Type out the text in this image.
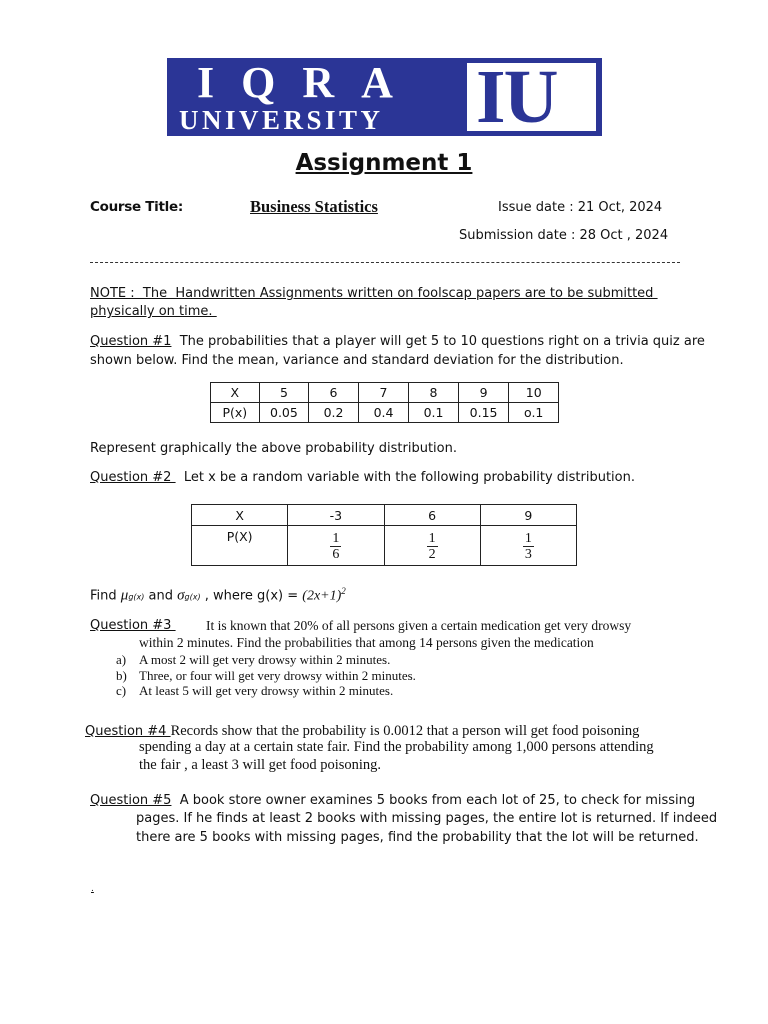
IQRA
UNIVERSITY IU
Assignment 1
Course Title:	Business Statistics	Issue date : 21 Oct, 2024
Submission date : 28 Oct , 2024
NOTE :  The  Handwritten Assignments written on foolscap papers are to be submitted
physically on time.
Question #1  The probabilities that a player will get 5 to 10 questions right on a trivia quiz are
shown below. Find the mean, variance and standard deviation for the distribution.
X	5	6	7	8	9	10
P(x)	0.05	0.2	0.4	0.1	0.15	o.1
Represent graphically the above probability distribution.
Question #2   Let x be a random variable with the following probability distribution.
X	-3	6	9
P(X)	$\frac{1}{6}$	$\frac{1}{2}$	$\frac{1}{3}$
Find μg(x) and σg(x) , where $g(x) = (2x+1)^2$
Question #3 It is known that 20% of all persons given a certain medication get very drowsy
within 2 minutes. Find the probabilities that among 14 persons given the medication
a) A most 2 will get very drowsy within 2 minutes.
b) Three, or four will get very drowsy within 2 minutes.
c) At least 5 will get very drowsy within 2 minutes.
Question #4 Records show that the probability is 0.0012 that a person will get food poisoning
spending a day at a certain state fair. Find the probability among 1,000 persons attending
the fair , a least 3 will get food poisoning.
Question #5  A book store owner examines 5 books from each lot of 25, to check for missing
pages. If he finds at least 2 books with missing pages, the entire lot is returned. If indeed
there are 5 books with missing pages, find the probability that the lot will be returned.
.
